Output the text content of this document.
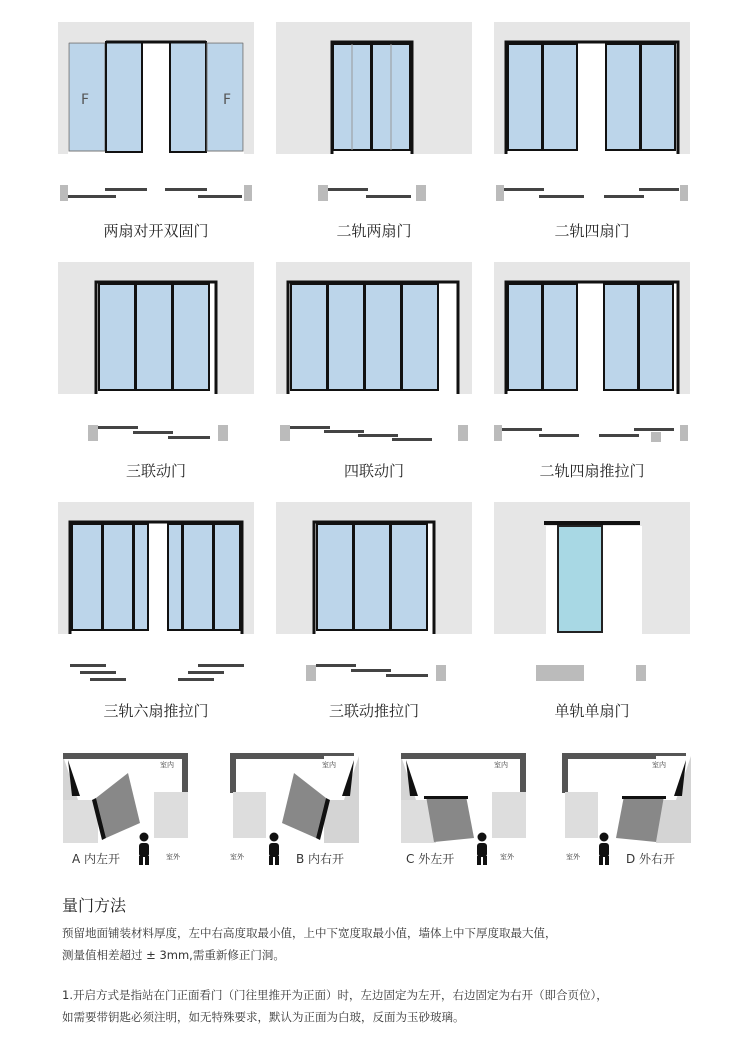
F	F
两扇对开双固门	二轨两扇门	二轨四扇门
三联动门	四联动门	二轨四扇推拉门
三轨六扇推拉门	三联动推拉门	单轨单扇门
室内
室外
A 内左开
室内
室外	B 内右开
室内
室外
C 外左开
室内
室外	D 外右开
量门方法
预留地面铺装材料厚度，左中右高度取最小值，上中下宽度取最小值，墙体上中下厚度取最大值，
测量值相差超过 ± 3mm,需重新修正门洞。
1.开启方式是指站在门正面看门（门往里推开为正面）时，左边固定为左开，右边固定为右开（即合页位），
如需要带钥匙必须注明，如无特殊要求，默认为正面为白玻，反面为玉砂玻璃。
